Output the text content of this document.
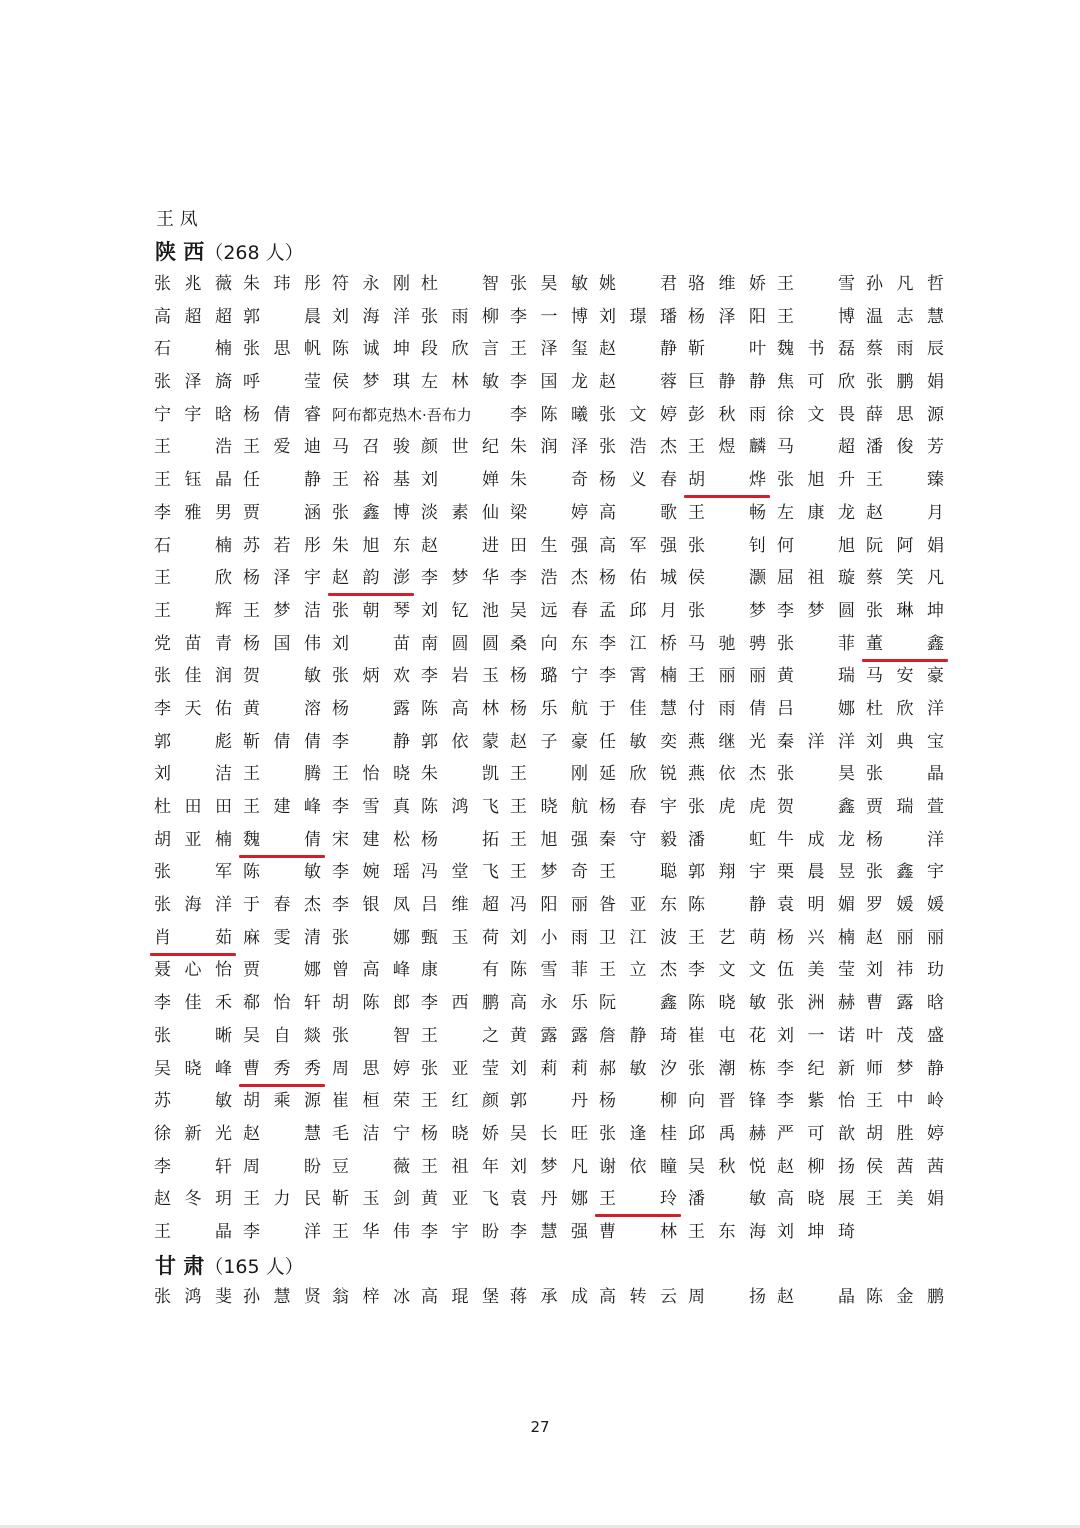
王 凤
陕 西（268 人）
张兆薇 朱玮彤 符永刚 杜 智 张昊敏 姚 君 骆维娇 王 雪 孙凡哲
高超超 郭 晨 刘海洋 张雨柳 李一博 刘璟璠 杨泽阳 王 博 温志慧
石 楠 张思帆 陈诚坤 段欣言 王泽玺 赵 静 靳 叶 魏书磊 蔡雨辰
张泽旖 呼 莹 侯梦琪 左林敏 李国龙 赵 蓉 巨静静 焦可欣 张鹏娟
宁宇晗 杨倩睿 阿布都克热木·吾布力	李陈曦 张文婷 彭秋雨 徐文畏 薛思源
王 浩 王爱迪 马召骏 颜世纪 朱润泽 张浩杰 王煜麟 马 超 潘俊芳
王钰晶 任 静 王裕基 刘 婵 朱 奇 杨义春 胡 烨 张旭升 王 臻
李雅男 贾 涵 张鑫博 淡素仙 梁 婷 高 歌 王 畅 左康龙 赵 月
石 楠 苏若彤 朱旭东 赵 进 田生强 高军强 张 钊 何 旭 阮阿娟
王 欣 杨泽宇 赵韵澎 李梦华 李浩杰 杨佑城 侯 灏 屈祖璇 蔡笑凡
王 辉 王梦洁 张朝琴 刘钇池 吴远春 孟邱月 张 梦 李梦圆 张琳坤
党苗青 杨国伟 刘 苗 南圆圆 桑向东 李江桥 马驰骋 张 菲 董 鑫
张佳润 贺 敏 张炳欢 李岩玉 杨璐宁 李霄楠 王丽丽 黄 瑞 马安豪
李天佑 黄 溶 杨 露 陈高林 杨乐航 于佳慧 付雨倩 吕 娜 杜欣洋
郭 彪 靳倩倩 李 静 郭依蒙 赵子豪 任敏奕 燕继光 秦洋洋 刘典宝
刘 洁 王 腾 王怡晓 朱 凯 王 刚 延欣锐 燕依杰 张 昊 张 晶
杜田田 王建峰 李雪真 陈鸿飞 王晓航 杨春宇 张虎虎 贺 鑫 贾瑞萱
胡亚楠 魏 倩 宋建松 杨 拓 王旭强 秦守毅 潘 虹 牛成龙 杨 洋
张 军 陈 敏 李婉瑶 冯堂飞 王梦奇 王 聪 郭翔宇 栗晨昱 张鑫宇
张海洋 于春杰 李银凤 吕维超 冯阳丽 昝亚东 陈 静 袁明媚 罗媛媛
肖 茹 麻雯清 张 娜 甄玉荷 刘小雨 卫江波 王艺萌 杨兴楠 赵丽丽
聂心怡 贾 娜 曾高峰 康 有 陈雪菲 王立杰 李文文 伍美莹 刘祎玏
李佳禾 郗怡轩 胡陈郎 李西鹏 高永乐 阮 鑫 陈晓敏 张洲赫 曹露晗
张 晰 吴自燚 张 智 王 之 黄露露 詹静琦 崔屯花 刘一诺 叶茂盛
吴晓峰 曹秀秀 周思婷 张亚莹 刘莉莉 郝敏汐 张潮栋 李纪新 师梦静
苏 敏 胡乘源 崔桓荣 王红颜 郭 丹 杨 柳 向晋锋 李紫怡 王中岭
徐新光 赵 慧 毛洁宁 杨晓娇 吴长旺 张逢桂 邱禹赫 严可歆 胡胜婷
李 轩 周 盼 豆 薇 王祖年 刘梦凡 谢依瞳 吴秋悦 赵柳扬 侯茜茜
赵冬玥 王力民 靳玉剑 黄亚飞 袁丹娜 王 玲 潘 敏 高晓展 王美娟
王 晶 李 洋 王华伟 李宇盼 李慧强 曹 林 王东海 刘坤琦
甘 肃（165 人）
张鸿斐 孙慧贤 翁梓冰 高琨堡 蒋承成 高转云 周 扬 赵 晶 陈金鹏
27
